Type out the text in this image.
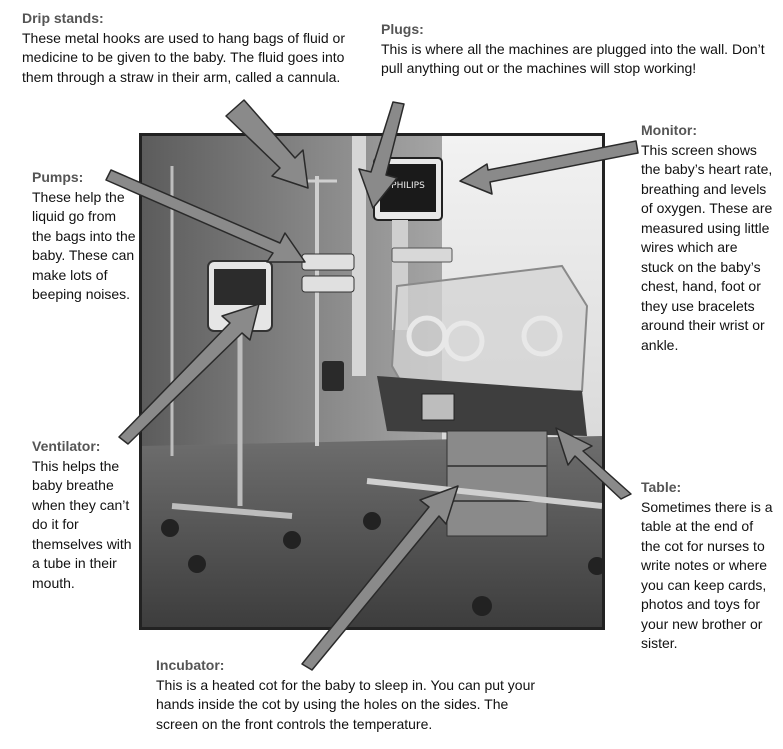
PHILIPS
Drip stands:
These metal hooks are used to hang bags of fluid or medicine to be given to the baby. The fluid goes into them through a straw in their arm, called a cannula.
Plugs:
This is where all the machines are plugged into the wall. Don’t pull anything out or the machines will stop working!
Monitor:
This screen shows the baby’s heart rate, breathing and levels of oxygen. These are measured using little wires which are stuck on the baby’s chest, hand, foot or they use bracelets around their wrist or ankle.
Pumps:
These help the liquid go from the bags into the baby. These can make lots of beeping noises.
Ventilator:
This helps the baby breathe when they can’t do it for themselves with a tube in their mouth.
Table:
Sometimes there is a table at the end of the cot for nurses to write notes or where you can keep cards, photos and toys for your new brother or sister.
Incubator:
This is a heated cot for the baby to sleep in. You can put your hands inside the cot by using the holes on the sides. The screen on the front controls the temperature.
